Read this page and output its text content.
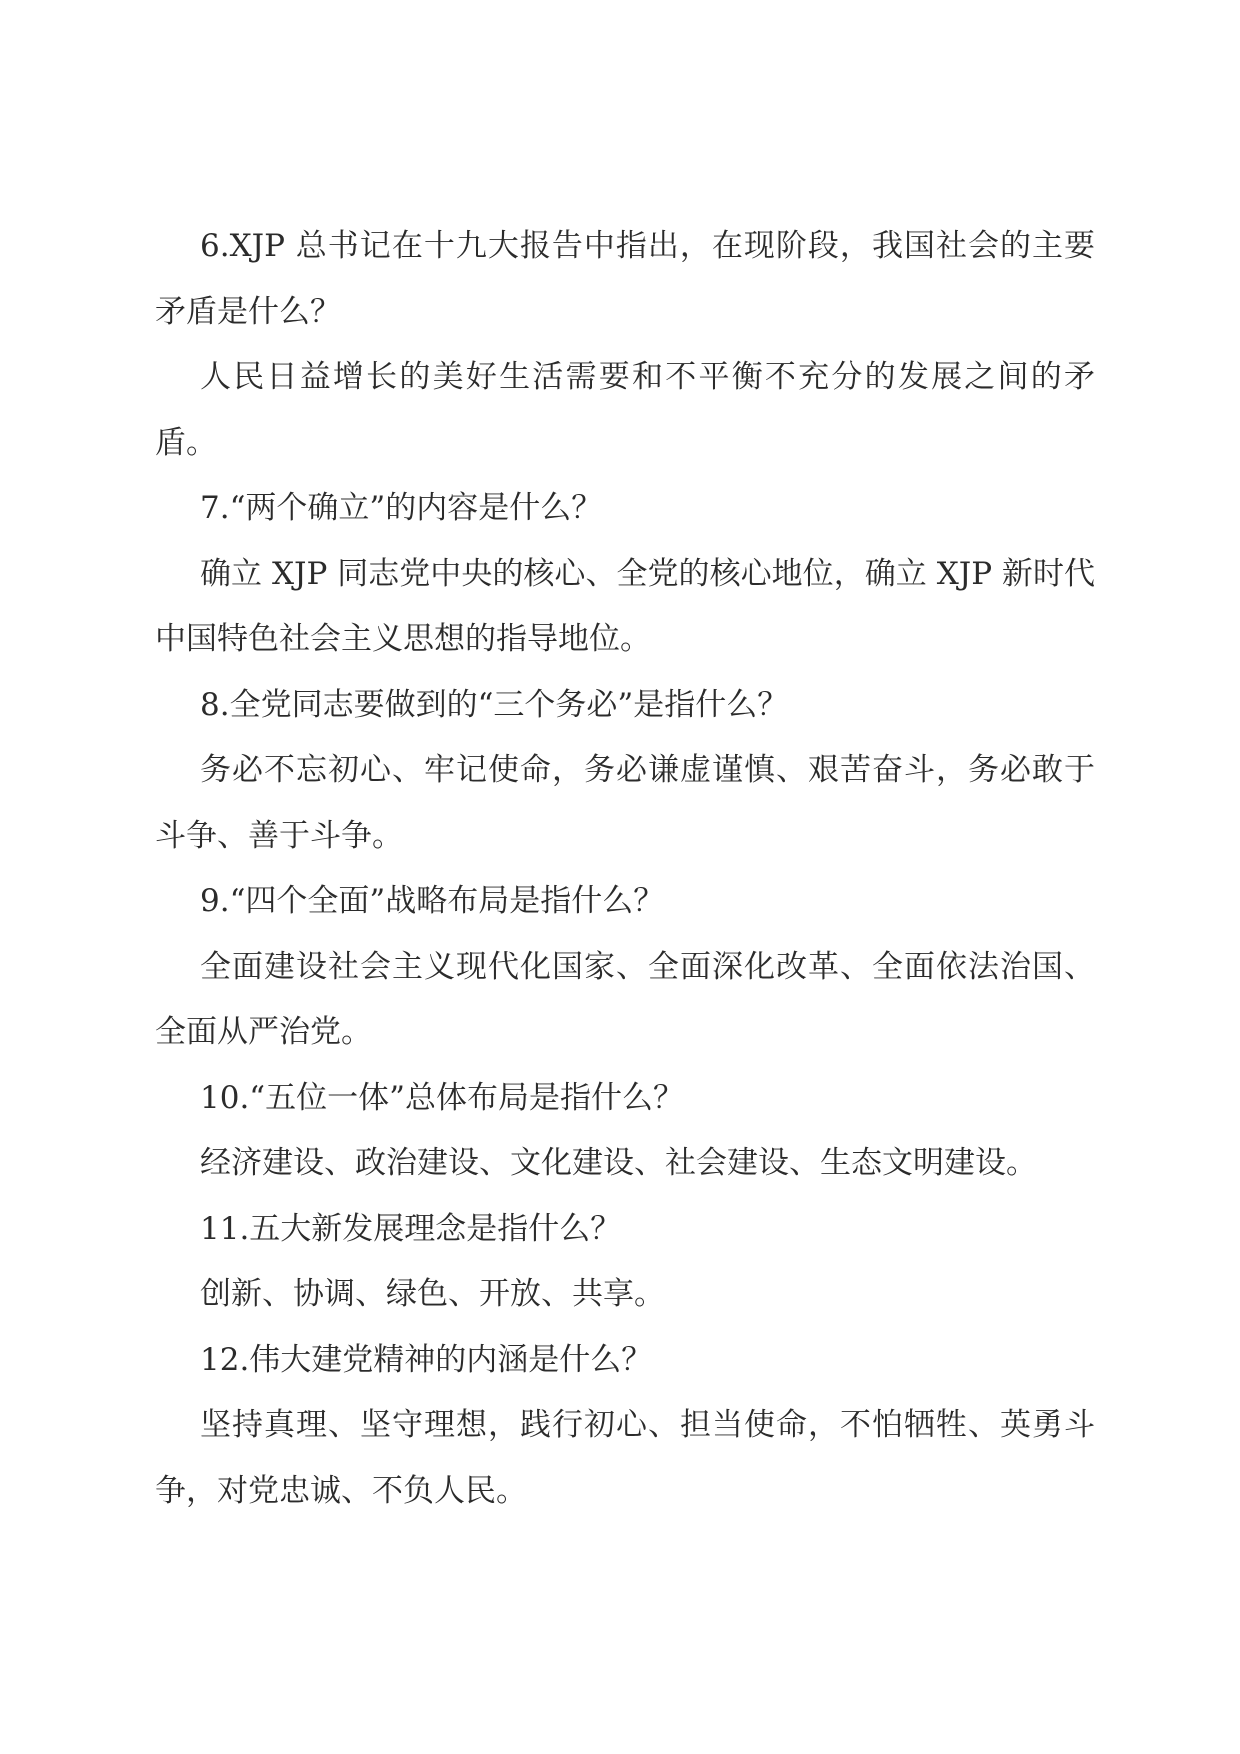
6.XJP 总书记在十九大报告中指出，在现阶段，我国社会的主要矛盾是什么？

人民日益增长的美好生活需要和不平衡不充分的发展之间的矛盾。

7.“两个确立”的内容是什么？

确立 XJP 同志党中央的核心、全党的核心地位，确立 XJP 新时代中国特色社会主义思想的指导地位。

8.全党同志要做到的“三个务必”是指什么？

务必不忘初心、牢记使命，务必谦虚谨慎、艰苦奋斗，务必敢于斗争、善于斗争。

9.“四个全面”战略布局是指什么？

全面建设社会主义现代化国家、全面深化改革、全面依法治国、全面从严治党。

10.“五位一体”总体布局是指什么？

经济建设、政治建设、文化建设、社会建设、生态文明建设。

11.五大新发展理念是指什么？

创新、协调、绿色、开放、共享。

12.伟大建党精神的内涵是什么？

坚持真理、坚守理想，践行初心、担当使命，不怕牺牲、英勇斗争，对党忠诚、不负人民。
